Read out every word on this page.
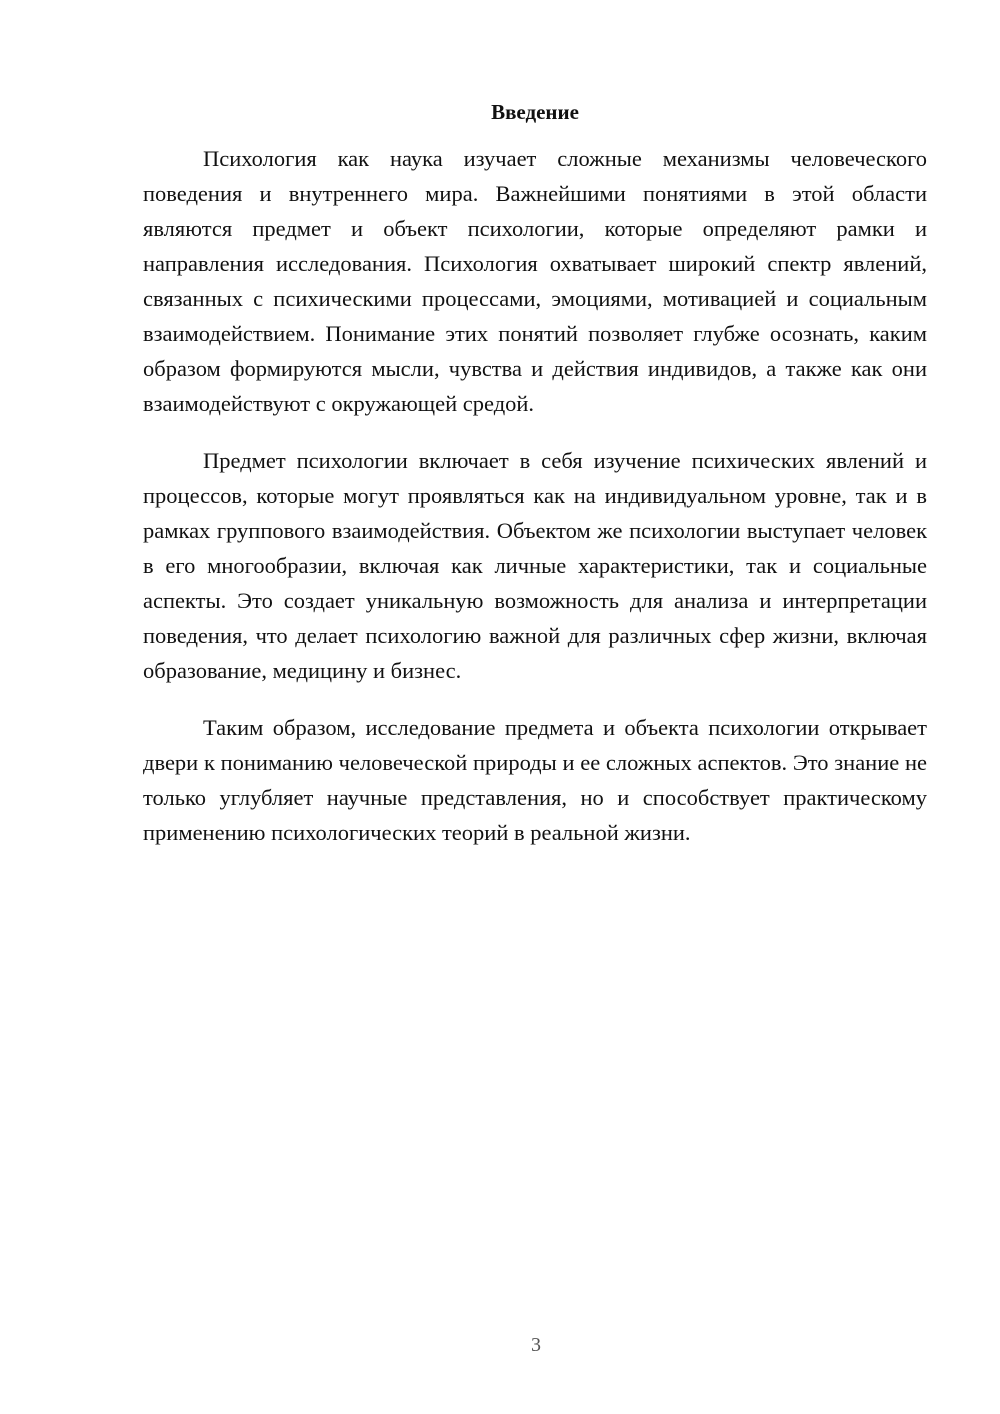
Введение

Психология как наука изучает сложные механизмы человеческого поведения и внутреннего мира. Важнейшими понятиями в этой области являются предмет и объект психологии, которые определяют рамки и направления исследования. Психология охватывает широкий спектр явлений, связанных с психическими процессами, эмоциями, мотивацией и социальным взаимодействием. Понимание этих понятий позволяет глубже осознать, каким образом формируются мысли, чувства и действия индивидов, а также как они взаимодействуют с окружающей средой.

Предмет психологии включает в себя изучение психических явлений и процессов, которые могут проявляться как на индивидуальном уровне, так и в рамках группового взаимодействия. Объектом же психологии выступает человек в его многообразии, включая как личные характеристики, так и социальные аспекты. Это создает уникальную возможность для анализа и интерпретации поведения, что делает психологию важной для различных сфер жизни, включая образование, медицину и бизнес.

Таким образом, исследование предмета и объекта психологии открывает двери к пониманию человеческой природы и ее сложных аспектов. Это знание не только углубляет научные представления, но и способствует практическому применению психологических теорий в реальной жизни.

3
